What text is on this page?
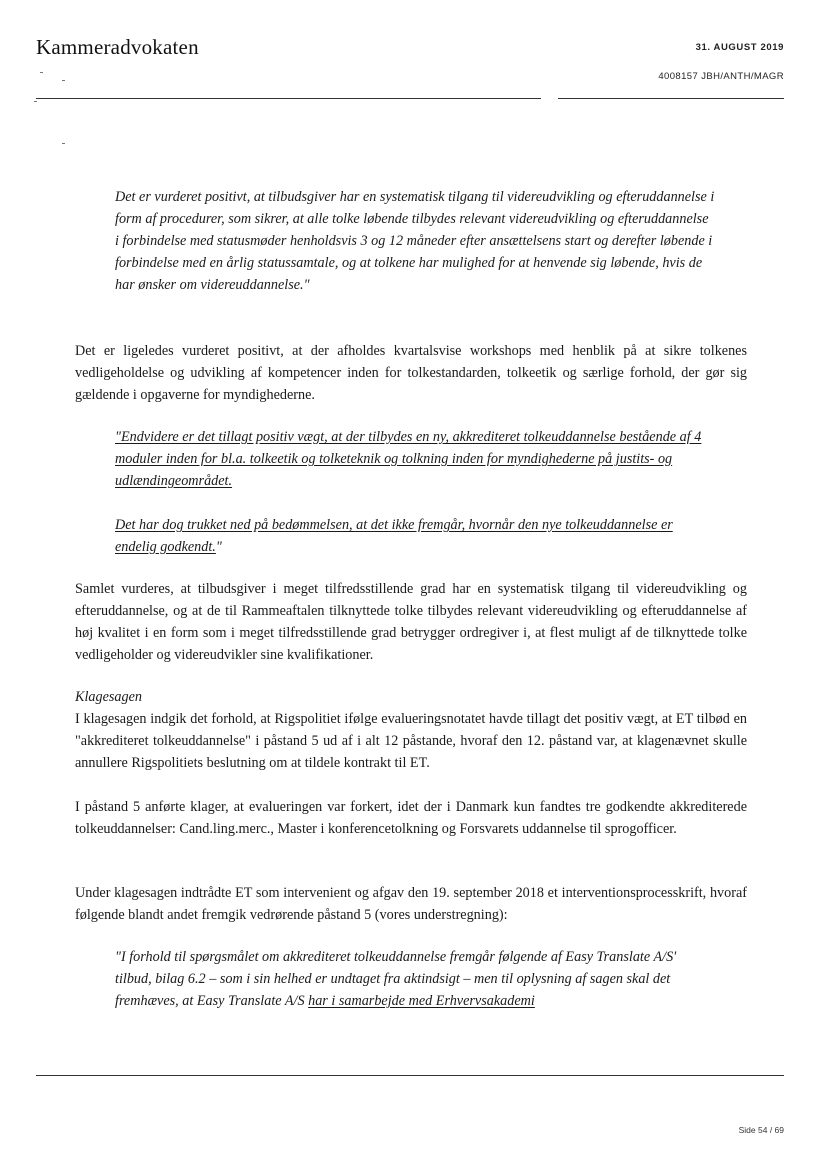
Kammeradvokaten	31. AUGUST 2019
4008157 JBH/ANTH/MAGR

Det er vurderet positivt, at tilbudsgiver har en systematisk tilgang til videreudvikling og efteruddannelse i form af procedurer, som sikrer, at alle tolke løbende tilbydes relevant videreudvikling og efteruddannelse i forbindelse med statusmøder henholdsvis 3 og 12 måneder efter ansættelsens start og derefter løbende i forbindelse med en årlig statussamtale, og at tolkene har mulighed for at henvende sig løbende, hvis de har ønsker om videreuddannelse."

Det er ligeledes vurderet positivt, at der afholdes kvartalsvise workshops med henblik på at sikre tolkenes vedligeholdelse og udvikling af kompetencer inden for tolkestandarden, tolkeetik og særlige forhold, der gør sig gældende i opgaverne for myndighederne.

"Endvidere er det tillagt positiv vægt, at der tilbydes en ny, akkrediteret tolkeuddannelse bestående af 4 moduler inden for bl.a. tolkeetik og tolketeknik og tolkning inden for myndighederne på justits- og udlændingeområdet.

Det har dog trukket ned på bedømmelsen, at det ikke fremgår, hvornår den nye tolkeuddannelse er endelig godkendt."

Samlet vurderes, at tilbudsgiver i meget tilfredsstillende grad har en systematisk tilgang til videreudvikling og efteruddannelse, og at de til Rammeaftalen tilknyttede tolke tilbydes relevant videreudvikling og efteruddannelse af høj kvalitet i en form som i meget tilfredsstillende grad betrygger ordregiver i, at flest muligt af de tilknyttede tolke vedligeholder og videreudvikler sine kvalifikationer.

Klagesagen

I klagesagen indgik det forhold, at Rigspolitiet ifølge evalueringsnotatet havde tillagt det positiv vægt, at ET tilbød en "akkrediteret tolkeuddannelse" i påstand 5 ud af i alt 12 påstande, hvoraf den 12. påstand var, at klagenævnet skulle annullere Rigspolitiets beslutning om at tildele kontrakt til ET.

I påstand 5 anførte klager, at evalueringen var forkert, idet der i Danmark kun fandtes tre godkendte akkrediterede tolkeuddannelser: Cand.ling.merc., Master i konferencetolkning og Forsvarets uddannelse til sprogofficer.

Under klagesagen indtrådte ET som intervenient og afgav den 19. september 2018 et interventionsprocesskrift, hvoraf følgende blandt andet fremgik vedrørende påstand 5 (vores understregning):

"I forhold til spørgsmålet om akkrediteret tolkeuddannelse fremgår følgende af Easy Translate A/S' tilbud, bilag 6.2 – som i sin helhed er undtaget fra aktindsigt – men til oplysning af sagen skal det fremhæves, at Easy Translate A/S har i samarbejde med Erhvervsakademi

Side 54 / 69
